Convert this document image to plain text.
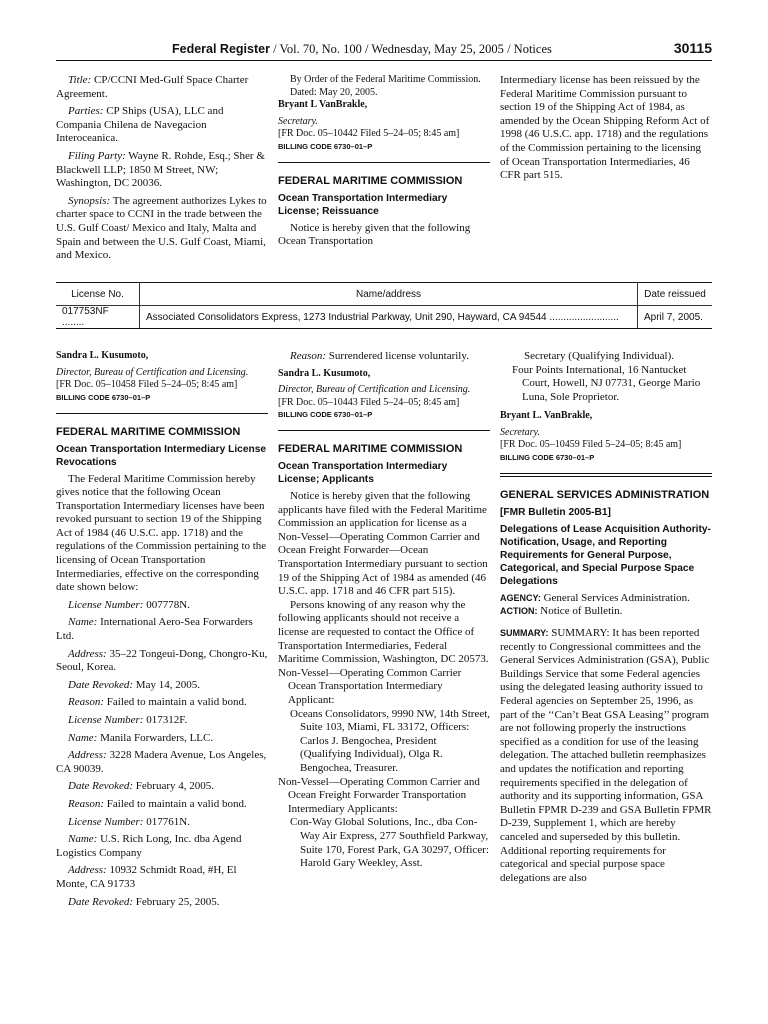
Federal Register / Vol. 70, No. 100 / Wednesday, May 25, 2005 / Notices	30115

Title: CP/CCNI Med-Gulf Space Charter Agreement.

Parties: CP Ships (USA), LLC and Compania Chilena de Navegacion Interoceanica.

Filing Party: Wayne R. Rohde, Esq.; Sher & Blackwell LLP; 1850 M Street, NW; Washington, DC 20036.

Synopsis: The agreement authorizes Lykes to charter space to CCNI in the trade between the U.S. Gulf Coast/ Mexico and Italy, Malta and Spain and between the U.S. Gulf Coast, Miami, and Mexico.

By Order of the Federal Maritime Commission.

Dated: May 20, 2005.

Bryant L VanBrakle,

Secretary.

[FR Doc. 05–10442 Filed 5–24–05; 8:45 am]

BILLING CODE 6730–01–P

FEDERAL MARITIME COMMISSION

Ocean Transportation Intermediary License; Reissuance

Notice is hereby given that the following Ocean Transportation

Intermediary license has been reissued by the Federal Maritime Commission pursuant to section 19 of the Shipping Act of 1984, as amended by the Ocean Shipping Reform Act of 1998 (46 U.S.C. app. 1718) and the regulations of the Commission pertaining to the licensing of Ocean Transportation Intermediaries, 46 CFR part 515.

License No.	Name/address	Date reissued
017753NF ........	Associated Consolidators Express, 1273 Industrial Parkway, Unit 290, Hayward, CA 94544 .........................	April 7, 2005.

Sandra L. Kusumoto,

Director, Bureau of Certification and Licensing.

[FR Doc. 05–10458 Filed 5–24–05; 8:45 am]

BILLING CODE 6730–01–P

FEDERAL MARITIME COMMISSION

Ocean Transportation Intermediary License Revocations

The Federal Maritime Commission hereby gives notice that the following Ocean Transportation Intermediary licenses have been revoked pursuant to section 19 of the Shipping Act of 1984 (46 U.S.C. app. 1718) and the regulations of the Commission pertaining to the licensing of Ocean Transportation Intermediaries, effective on the corresponding date shown below:

License Number: 007778N.

Name: International Aero-Sea Forwarders Ltd.

Address: 35–22 Tongeui-Dong, Chongro-Ku, Seoul, Korea.

Date Revoked: May 14, 2005.

Reason: Failed to maintain a valid bond.

License Number: 017312F.

Name: Manila Forwarders, LLC.

Address: 3228 Madera Avenue, Los Angeles, CA 90039.

Date Revoked: February 4, 2005.

Reason: Failed to maintain a valid bond.

License Number: 017761N.

Name: U.S. Rich Long, Inc. dba Agend Logistics Company

Address: 10932 Schmidt Road, #H, El Monte, CA 91733

Date Revoked: February 25, 2005.

Reason: Surrendered license voluntarily.

Sandra L. Kusumoto,

Director, Bureau of Certification and Licensing.

[FR Doc. 05–10443 Filed 5–24–05; 8:45 am]

BILLING CODE 6730–01–P

FEDERAL MARITIME COMMISSION

Ocean Transportation Intermediary License; Applicants

Notice is hereby given that the following applicants have filed with the Federal Maritime Commission an application for license as a Non-Vessel—Operating Common Carrier and Ocean Freight Forwarder—Ocean Transportation Intermediary pursuant to section 19 of the Shipping Act of 1984 as amended (46 U.S.C. app. 1718 and 46 CFR part 515).

Persons knowing of any reason why the following applicants should not receive a license are requested to contact the Office of Transportation Intermediaries, Federal Maritime Commission, Washington, DC 20573.

Non-Vessel—Operating Common Carrier Ocean Transportation Intermediary Applicant:

Oceans Consolidators, 9990 NW, 14th Street, Suite 103, Miami, FL 33172, Officers: Carlos J. Bengochea, President (Qualifying Individual), Olga R. Bengochea, Treasurer.

Non-Vessel—Operating Common Carrier and Ocean Freight Forwarder Transportation Intermediary Applicants:

Con-Way Global Solutions, Inc., dba Con-Way Air Express, 277 Southfield Parkway, Suite 170, Forest Park, GA 30297, Officer: Harold Gary Weekley, Asst.

Secretary (Qualifying Individual).

Four Points International, 16 Nantucket Court, Howell, NJ 07731, George Mario Luna, Sole Proprietor.

Bryant L. VanBrakle,

Secretary.

[FR Doc. 05–10459 Filed 5–24–05; 8:45 am]

BILLING CODE 6730–01–P

GENERAL SERVICES ADMINISTRATION

[FMR Bulletin 2005-B1]

Delegations of Lease Acquisition Authority-Notification, Usage, and Reporting Requirements for General Purpose, Categorical, and Special Purpose Space Delegations

AGENCY: General Services Administration.

ACTION: Notice of Bulletin.

SUMMARY: SUMMARY: It has been reported recently to Congressional committees and the General Services Administration (GSA), Public Buildings Service that some Federal agencies using the delegated leasing authority issued to Federal agencies on September 25, 1996, as part of the ‘‘Can’t Beat GSA Leasing’’ program are not following properly the instructions specified as a condition for use of the leasing delegation. The attached bulletin reemphasizes and updates the notification and reporting requirements specified in the delegation of authority and its supporting information, GSA Bulletin FPMR D-239 and GSA Bulletin FPMR D-239, Supplement 1, which are hereby canceled and superseded by this bulletin. Additional reporting requirements for categorical and special purpose space delegations are also
